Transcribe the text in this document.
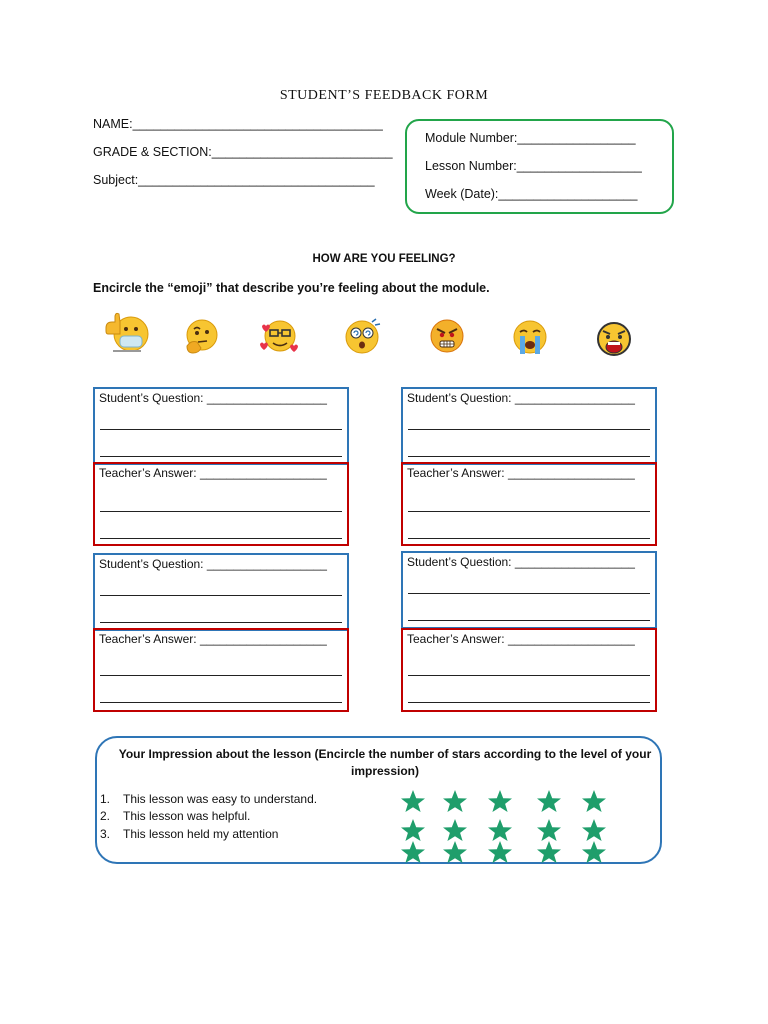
STUDENT’S FEEDBACK FORM
NAME:____________________________________
GRADE & SECTION:__________________________
Subject:__________________________________
Module Number:_________________
Lesson Number:__________________
Week (Date):____________________
HOW ARE YOU FEELING?
Encircle the “emoji” that describe you’re feeling about the module.
Student’s Question: __________________
Teacher’s Answer: ___________________
Student’s Question: __________________
Teacher’s Answer: ___________________
Student’s Question: __________________
Teacher’s Answer: ___________________
Student’s Question: __________________
Teacher’s Answer: ___________________
Your Impression about the lesson (Encircle the number of stars according to the level of your impression)
1. This lesson was easy to understand.
2. This lesson was helpful.
3. This lesson held my attention
